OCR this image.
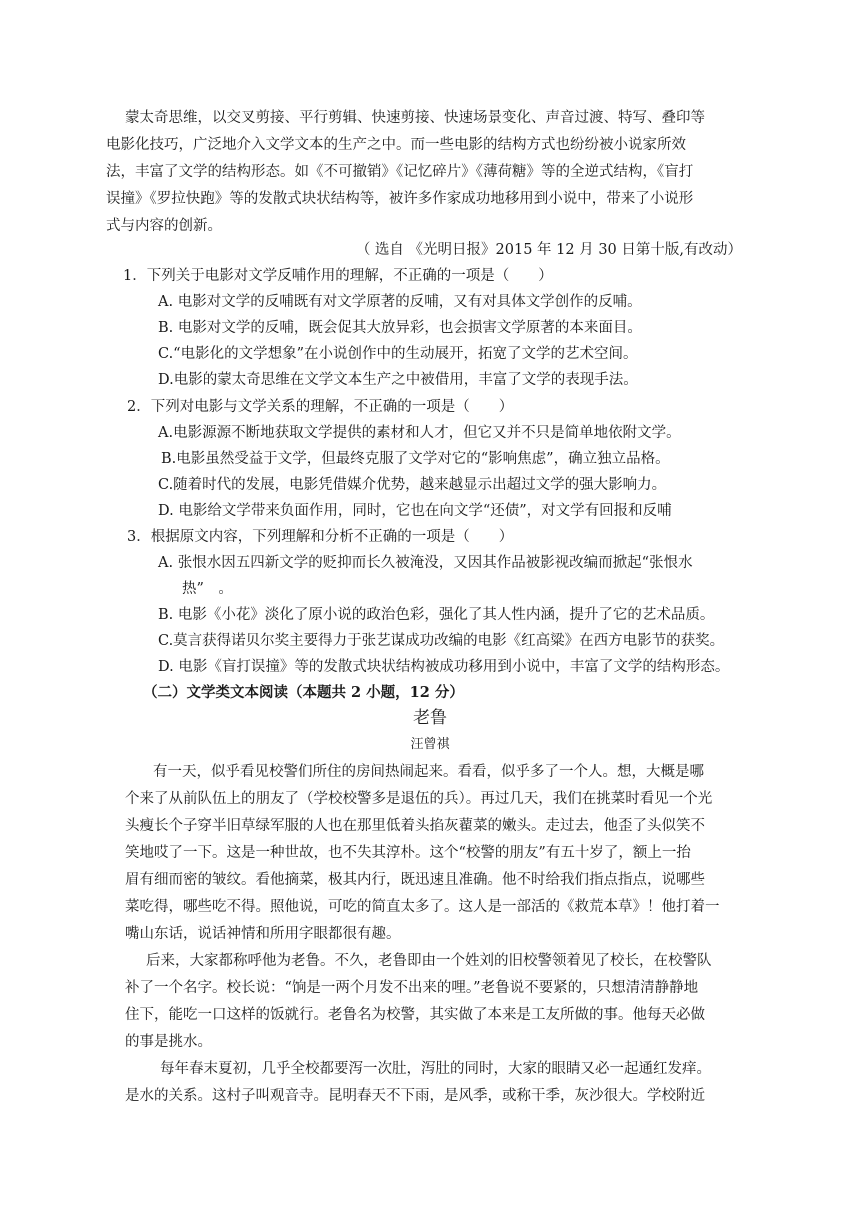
蒙太奇思维，以交叉剪接、平行剪辑、快速剪接、快速场景变化、声音过渡、特写、叠印等
电影化技巧，广泛地介入文学文本的生产之中。而一些电影的结构方式也纷纷被小说家所效
法，丰富了文学的结构形态。如《不可撤销》《记忆碎片》《薄荷糖》等的全逆式结构，《盲打
误撞》《罗拉快跑》等的发散式块状结构等，被许多作家成功地移用到小说中，带来了小说形
式与内容的创新。
（ 选自 《光明日报》2015 年 12 月 30 日第十版,有改动）
1．下列关于电影对文学反哺作用的理解，不正确的一项是（　　）
A. 电影对文学的反哺既有对文学原著的反哺，又有对具体文学创作的反哺。
B. 电影对文学的反哺，既会促其大放异彩，也会损害文学原著的本来面目。
C.“电影化的文学想象”在小说创作中的生动展开，拓宽了文学的艺术空间。
D.电影的蒙太奇思维在文学文本生产之中被借用，丰富了文学的表现手法。
2．下列对电影与文学关系的理解，不正确的一项是（　　）
A.电影源源不断地获取文学提供的素材和人才，但它又并不只是简单地依附文学。
B.电影虽然受益于文学，但最终克服了文学对它的“影响焦虑”，确立独立品格。
C.随着时代的发展，电影凭借媒介优势，越来越显示出超过文学的强大影响力。
D. 电影给文学带来负面作用，同时，它也在向文学“还债”，对文学有回报和反哺
3．根据原文内容，下列理解和分析不正确的一项是（　　）
A. 张恨水因五四新文学的贬抑而长久被淹没，又因其作品被影视改编而掀起“张恨水
热”　。
B. 电影《小花》淡化了原小说的政治色彩，强化了其人性内涵，提升了它的艺术品质。
C.莫言获得诺贝尔奖主要得力于张艺谋成功改编的电影《红高粱》在西方电影节的获奖。
D. 电影《盲打误撞》等的发散式块状结构被成功移用到小说中，丰富了文学的结构形态。
（二）文学类文本阅读（本题共 2 小题，12 分）
老鲁
汪曾祺
有一天，似乎看见校警们所住的房间热闹起来。看看，似乎多了一个人。想，大概是哪
个来了从前队伍上的朋友了（学校校警多是退伍的兵）。再过几天，我们在挑菜时看见一个光
头瘦长个子穿半旧草绿军服的人也在那里低着头掐灰藋菜的嫩头。走过去，他歪了头似笑不
笑地哎了一下。这是一种世故，也不失其淳朴。这个“校警的朋友”有五十岁了，额上一抬
眉有细而密的皱纹。看他摘菜，极其内行，既迅速且准确。他不时给我们指点指点，说哪些
菜吃得，哪些吃不得。照他说，可吃的简直太多了。这人是一部活的《救荒本草》！他打着一
嘴山东话，说话神情和所用字眼都很有趣。
后来，大家都称呼他为老鲁。不久，老鲁即由一个姓刘的旧校警领着见了校长，在校警队
补了一个名字。校长说：“饷是一两个月发不出来的哩。”老鲁说不要紧的，只想清清静静地
住下，能吃一口这样的饭就行。老鲁名为校警，其实做了本来是工友所做的事。他每天必做
的事是挑水。
每年春末夏初，几乎全校都要泻一次肚，泻肚的同时，大家的眼睛又必一起通红发痒。
是水的关系。这村子叫观音寺。昆明春天不下雨，是风季，或称干季，灰沙很大。学校附近
